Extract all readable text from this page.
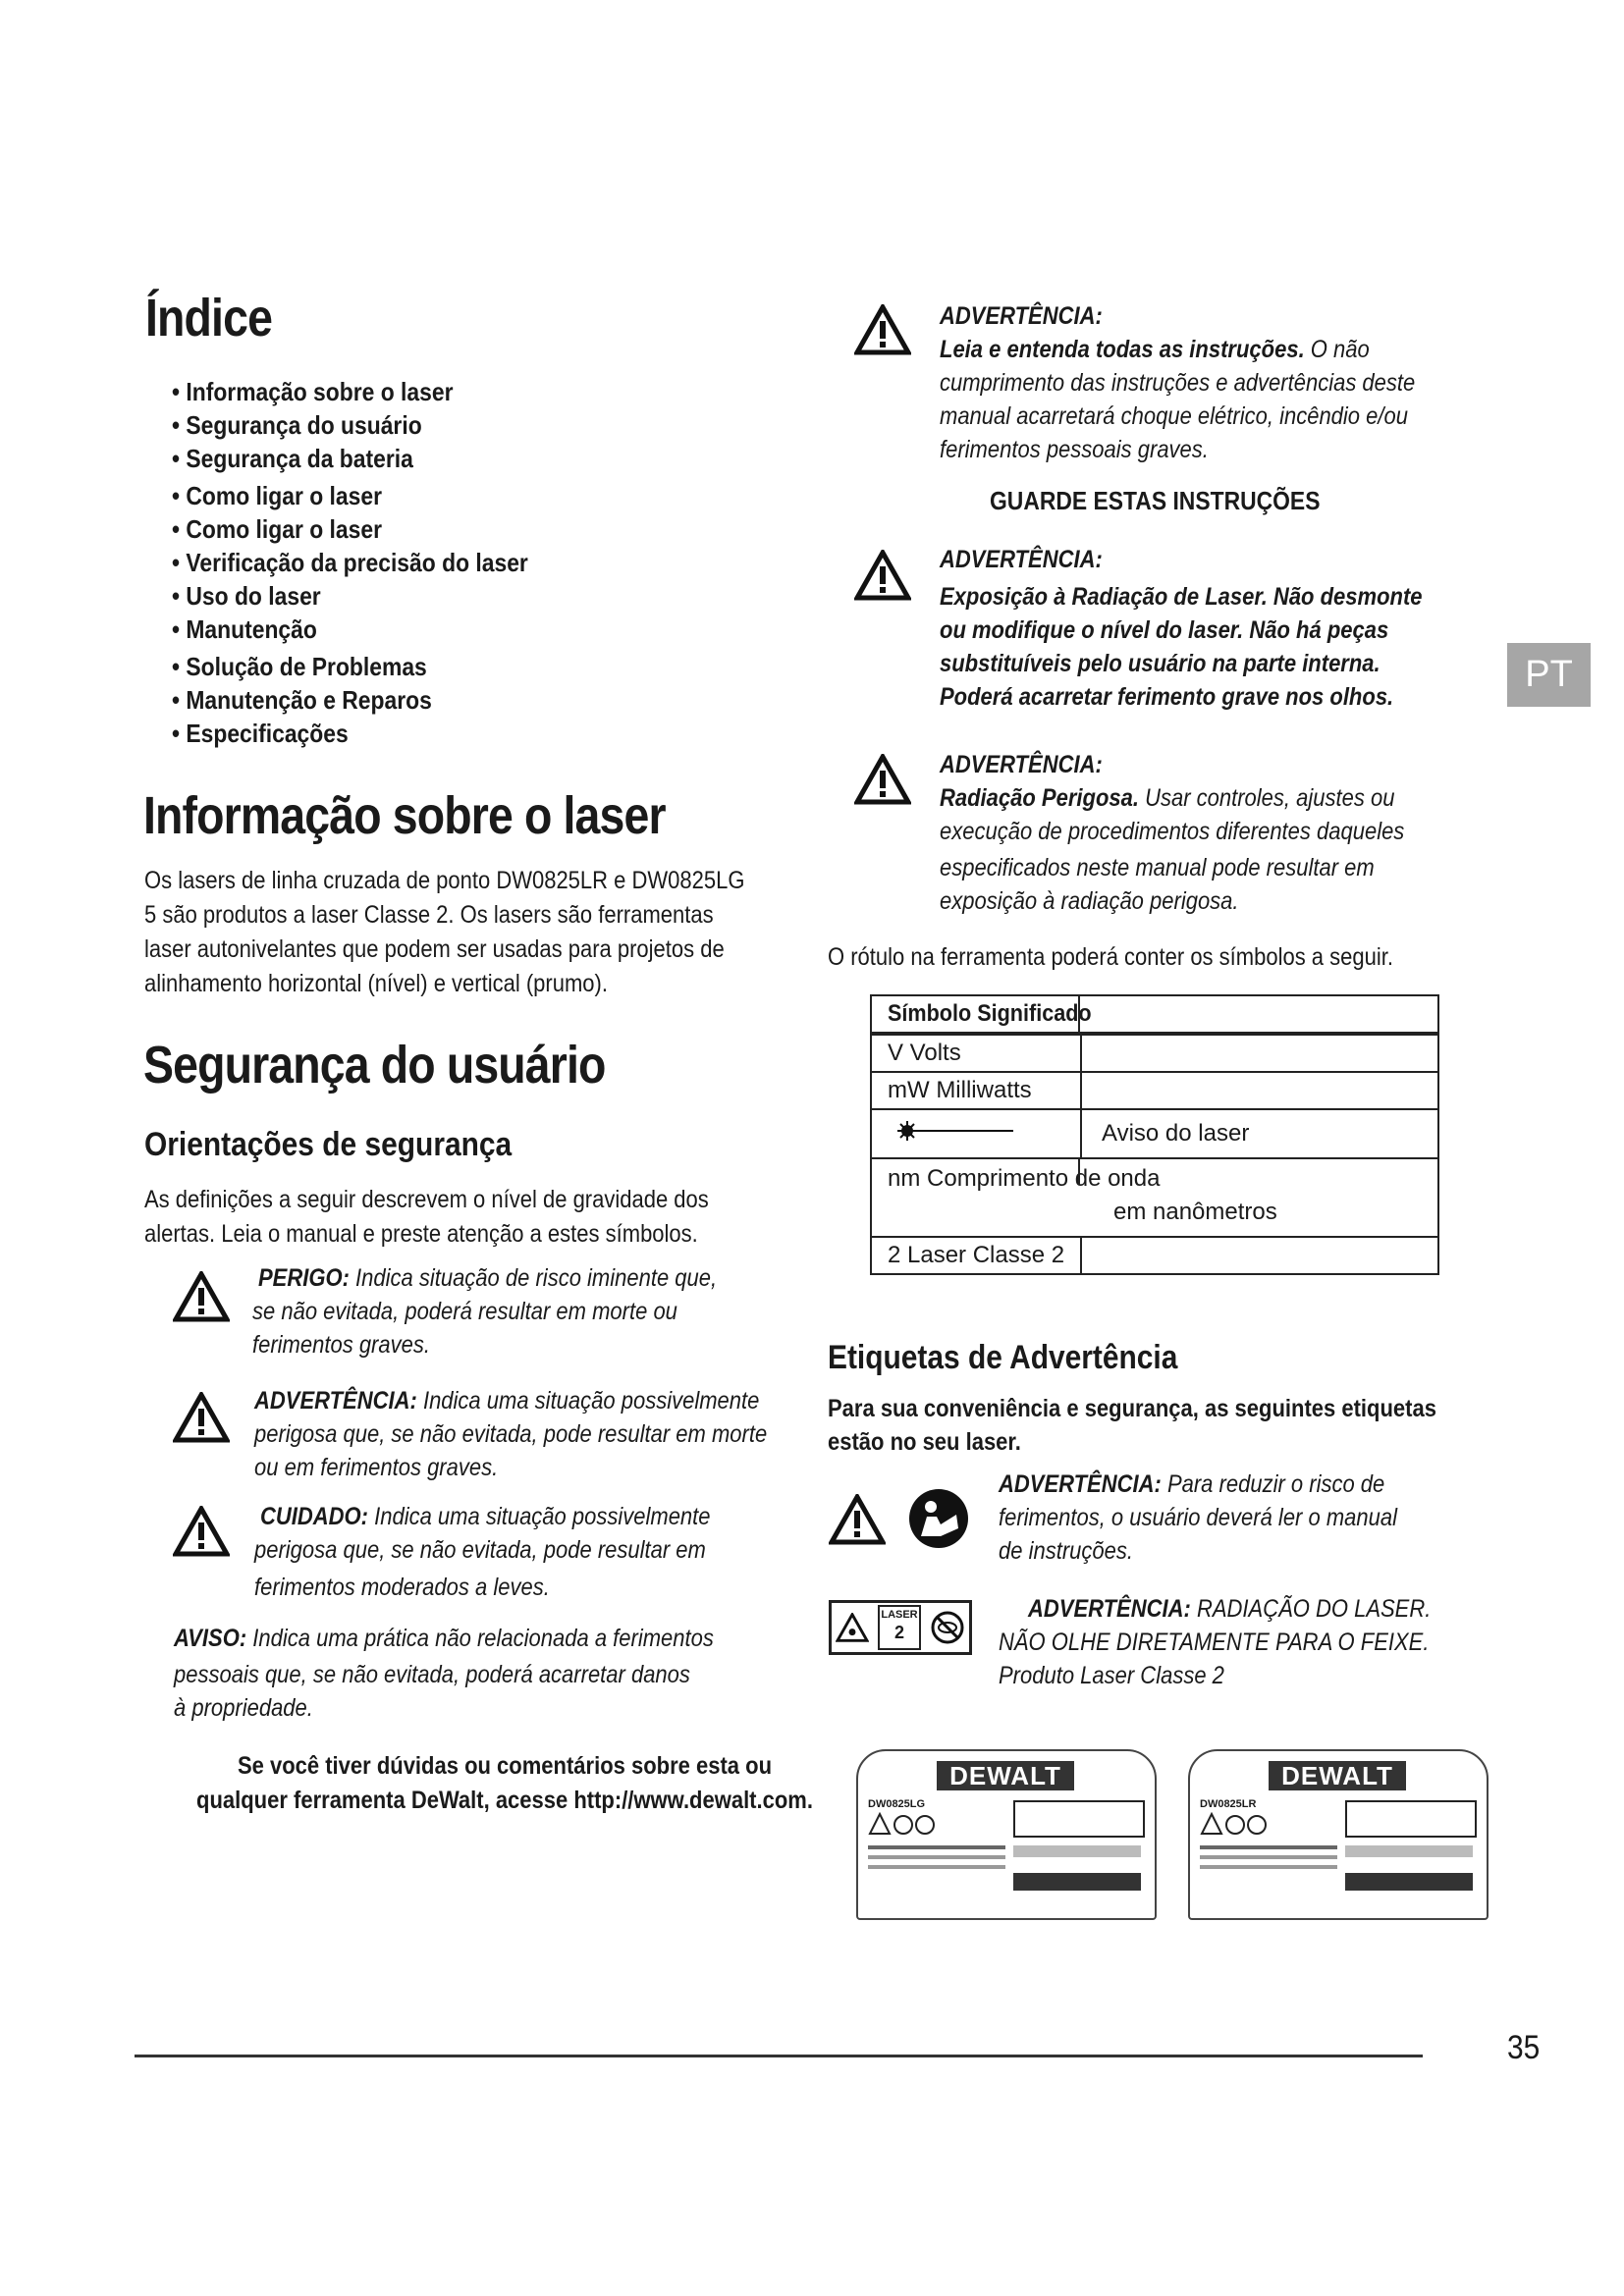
Índice
• Informação sobre o laser
• Segurança do usuário
• Segurança da bateria
• Como ligar o laser
• Como ligar o laser
• Verificação da precisão do laser
• Uso do laser
• Manutenção
• Solução de Problemas
• Manutenção e Reparos
• Especificações
Informação sobre o laser
Os lasers de linha cruzada de ponto DW0825LR e DW0825LG
5 são produtos a laser Classe 2. Os lasers são ferramentas
laser autonivelantes que podem ser usadas para projetos de
alinhamento horizontal (nível) e vertical (prumo).
Segurança do usuário
Orientações de segurança
As definições a seguir descrevem o nível de gravidade dos
alertas. Leia o manual e preste atenção a estes símbolos.
PERIGO: Indica situação de risco iminente que,
se não evitada, poderá resultar em morte ou
ferimentos graves.
ADVERTÊNCIA: Indica uma situação possivelmente
perigosa que, se não evitada, pode resultar em morte
ou em ferimentos graves.
CUIDADO: Indica uma situação possivelmente
perigosa que, se não evitada, pode resultar em
ferimentos moderados a leves.
AVISO: Indica uma prática não relacionada a ferimentos
pessoais que, se não evitada, poderá acarretar danos
à propriedade.
Se você tiver dúvidas ou comentários sobre esta ou
qualquer ferramenta DeWalt, acesse http://www.dewalt.com.
ADVERTÊNCIA:
Leia e entenda todas as instruções. O não
cumprimento das instruções e advertências deste
manual acarretará choque elétrico, incêndio e/ou
ferimentos pessoais graves.
GUARDE ESTAS INSTRUÇÕES
ADVERTÊNCIA:
Exposição à Radiação de Laser. Não desmonte
ou modifique o nível do laser. Não há peças
substituíveis pelo usuário na parte interna.
Poderá acarretar ferimento grave nos olhos.
PT
ADVERTÊNCIA:
Radiação Perigosa. Usar controles, ajustes ou
execução de procedimentos diferentes daqueles
especificados neste manual pode resultar em
exposição à radiação perigosa.
O rótulo na ferramenta poderá conter os símbolos a seguir.
Símbolo Significado	

V Volts	
mW Milliwatts	
	Aviso do laser
nm Comprimento de onda
em nanômetros	

2 Laser Classe 2	
Etiquetas de Advertência
Para sua conveniência e segurança, as seguintes etiquetas
estão no seu laser.
ADVERTÊNCIA: Para reduzir o risco de
ferimentos, o usuário deverá ler o manual
de instruções.
LASER
2
ADVERTÊNCIA: RADIAÇÃO DO LASER.
NÃO OLHE DIRETAMENTE PARA O FEIXE.
Produto Laser Classe 2
DEWALT
DW0825LG
DEWALT
DW0825LR
35
